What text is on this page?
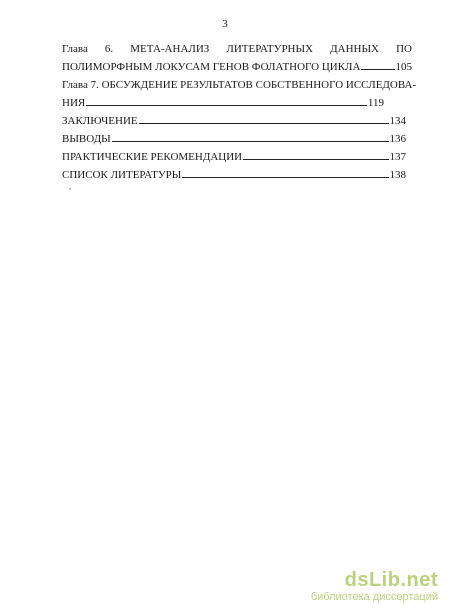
3
Глава 6. МЕТА-АНАЛИЗ ЛИТЕРАТУРНЫХ ДАННЫХ ПО
ПОЛИМОРФНЫМ ЛОКУСАМ ГЕНОВ ФОЛАТНОГО ЦИКЛА	105
Глава 7. ОБСУЖДЕНИЕ РЕЗУЛЬТАТОВ СОБСТВЕННОГО ИССЛЕДОВА-
НИЯ	119
ЗАКЛЮЧЕНИЕ	134
ВЫВОДЫ	136
ПРАКТИЧЕСКИЕ РЕКОМЕНДАЦИИ	137
СПИСОК ЛИТЕРАТУРЫ	138
,
dsLib.net
библиотека диссертаций
